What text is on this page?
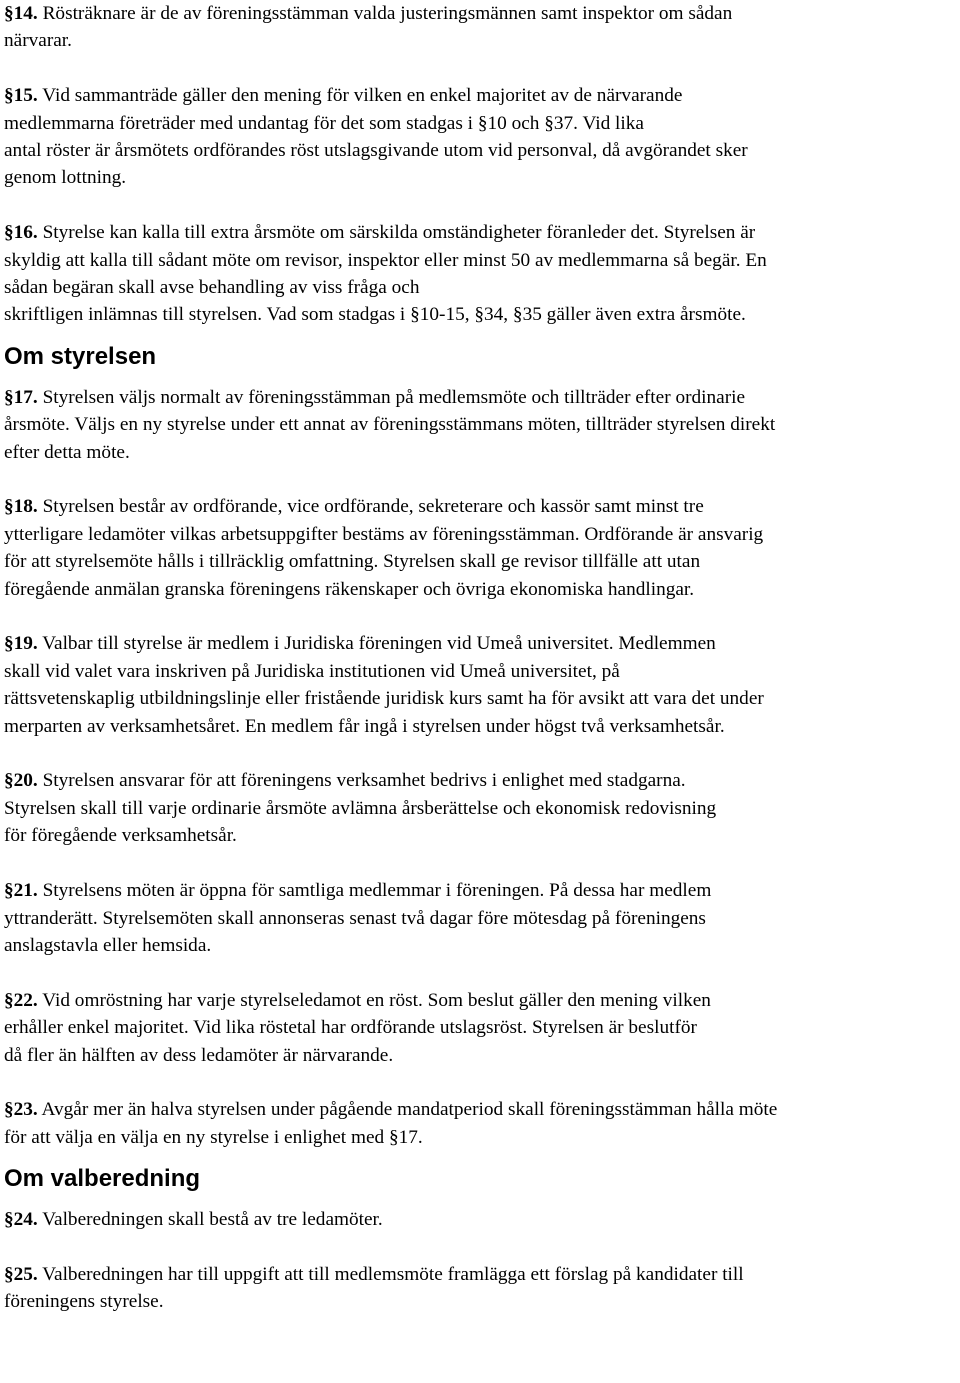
§14. Rösträknare är de av föreningsstämman valda justeringsmännen samt inspektor om sådan
närvarar.

§15. Vid sammanträde gäller den mening för vilken en enkel majoritet av de närvarande
medlemmarna företräder med undantag för det som stadgas i §10 och §37. Vid lika
antal röster är årsmötets ordförandes röst utslagsgivande utom vid personval, då avgörandet sker
genom lottning.

§16. Styrelse kan kalla till extra årsmöte om särskilda omständigheter föranleder det. Styrelsen är
skyldig att kalla till sådant möte om revisor, inspektor eller minst 50 av medlemmarna så begär. En
sådan begäran skall avse behandling av viss fråga och
skriftligen inlämnas till styrelsen. Vad som stadgas i §10-15, §34, §35 gäller även extra årsmöte.

Om styrelsen

§17. Styrelsen väljs normalt av föreningsstämman på medlemsmöte och tillträder efter ordinarie
årsmöte. Väljs en ny styrelse under ett annat av föreningsstämmans möten, tillträder styrelsen direkt
efter detta möte.

§18. Styrelsen består av ordförande, vice ordförande, sekreterare och kassör samt minst tre
ytterligare ledamöter vilkas arbetsuppgifter bestäms av föreningsstämman. Ordförande är ansvarig
för att styrelsemöte hålls i tillräcklig omfattning. Styrelsen skall ge revisor tillfälle att utan
föregående anmälan granska föreningens räkenskaper och övriga ekonomiska handlingar.

§19. Valbar till styrelse är medlem i Juridiska föreningen vid Umeå universitet. Medlemmen
skall vid valet vara inskriven på Juridiska institutionen vid Umeå universitet, på
rättsvetenskaplig utbildningslinje eller fristående juridisk kurs samt ha för avsikt att vara det under
merparten av verksamhetsåret. En medlem får ingå i styrelsen under högst två verksamhetsår.

§20. Styrelsen ansvarar för att föreningens verksamhet bedrivs i enlighet med stadgarna.
Styrelsen skall till varje ordinarie årsmöte avlämna årsberättelse och ekonomisk redovisning
för föregående verksamhetsår.

§21. Styrelsens möten är öppna för samtliga medlemmar i föreningen. På dessa har medlem
yttranderätt. Styrelsemöten skall annonseras senast två dagar före mötesdag på föreningens
anslagstavla eller hemsida.

§22. Vid omröstning har varje styrelseledamot en röst. Som beslut gäller den mening vilken
erhåller enkel majoritet. Vid lika röstetal har ordförande utslagsröst. Styrelsen är beslutför
då fler än hälften av dess ledamöter är närvarande.

§23. Avgår mer än halva styrelsen under pågående mandatperiod skall föreningsstämman hålla möte
för att välja en välja en ny styrelse i enlighet med §17.

Om valberedning

§24. Valberedningen skall bestå av tre ledamöter.

§25. Valberedningen har till uppgift att till medlemsmöte framlägga ett förslag på kandidater till
föreningens styrelse.
